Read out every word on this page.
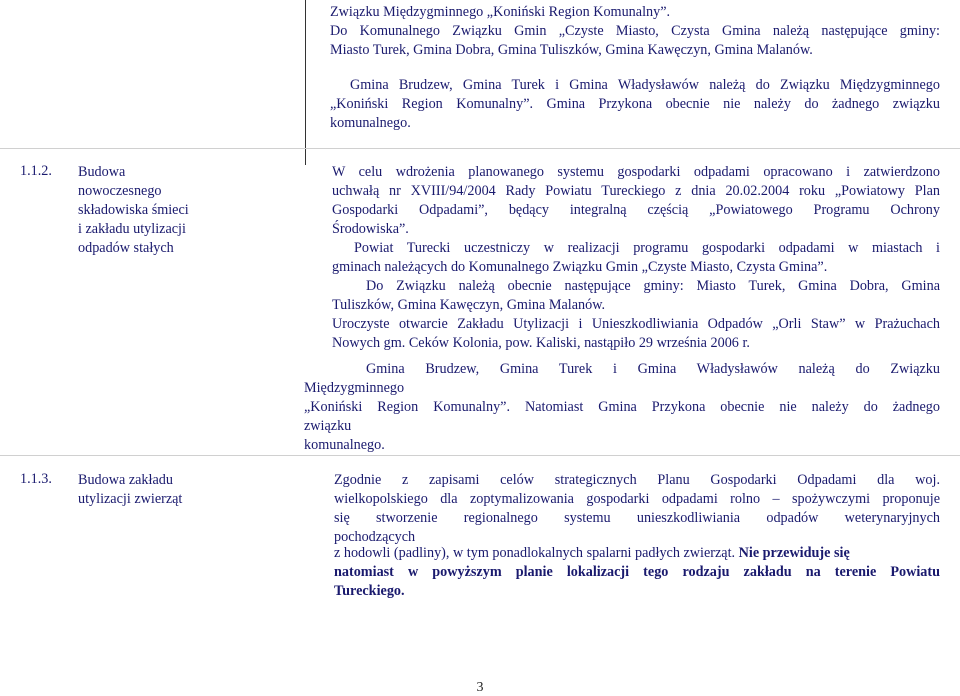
Związku Międzygminnego „Koniński Region Komunalny”.

Do Komunalnego Związku Gmin „Czyste Miasto, Czysta Gmina należą następujące gminy:

Miasto Turek, Gmina Dobra, Gmina Tuliszków, Gmina Kawęczyn, Gmina Malanów.

Gmina Brudzew, Gmina Turek i Gmina Władysławów należą do Związku Międzygminnego

„Koniński Region Komunalny”. Gmina Przykona obecnie nie należy do żadnego związku

komunalnego.

1.1.2. Budowa
nowoczesnego
składowiska śmieci
i zakładu utylizacji
odpadów stałych

W celu wdrożenia planowanego systemu gospodarki odpadami opracowano i zatwierdzono

uchwałą nr XVIII/94/2004 Rady Powiatu Tureckiego z dnia 20.02.2004 roku „Powiatowy Plan

Gospodarki Odpadami”, będący integralną częścią „Powiatowego Programu Ochrony

Środowiska”.

Powiat Turecki uczestniczy w realizacji programu gospodarki odpadami w miastach i

gminach należących do Komunalnego Związku Gmin „Czyste Miasto, Czysta Gmina”.

Do Związku należą obecnie następujące gminy: Miasto Turek, Gmina Dobra, Gmina

Tuliszków, Gmina Kawęczyn, Gmina Malanów.

Uroczyste otwarcie Zakładu Utylizacji i Unieszkodliwiania Odpadów „Orli Staw” w Prażuchach

Nowych gm. Ceków Kolonia, pow. Kaliski, nastąpiło 29 września 2006 r.

Gmina Brudzew, Gmina Turek i Gmina Władysławów należą do Związku

Międzygminnego

„Koniński Region Komunalny”. Natomiast Gmina Przykona obecnie nie należy do żadnego

związku

komunalnego.

1.1.3. Budowa zakładu
utylizacji zwierząt

Zgodnie z zapisami celów strategicznych Planu Gospodarki Odpadami dla woj.

wielkopolskiego dla zoptymalizowania gospodarki odpadami rolno – spożywczymi proponuje

się stworzenie regionalnego systemu unieszkodliwiania odpadów weterynaryjnych

pochodzących

z hodowli (padliny), w tym ponadlokalnych spalarni padłych zwierząt. Nie przewiduje się

natomiast w powyższym planie lokalizacji tego rodzaju zakładu na terenie Powiatu

Tureckiego.

3
